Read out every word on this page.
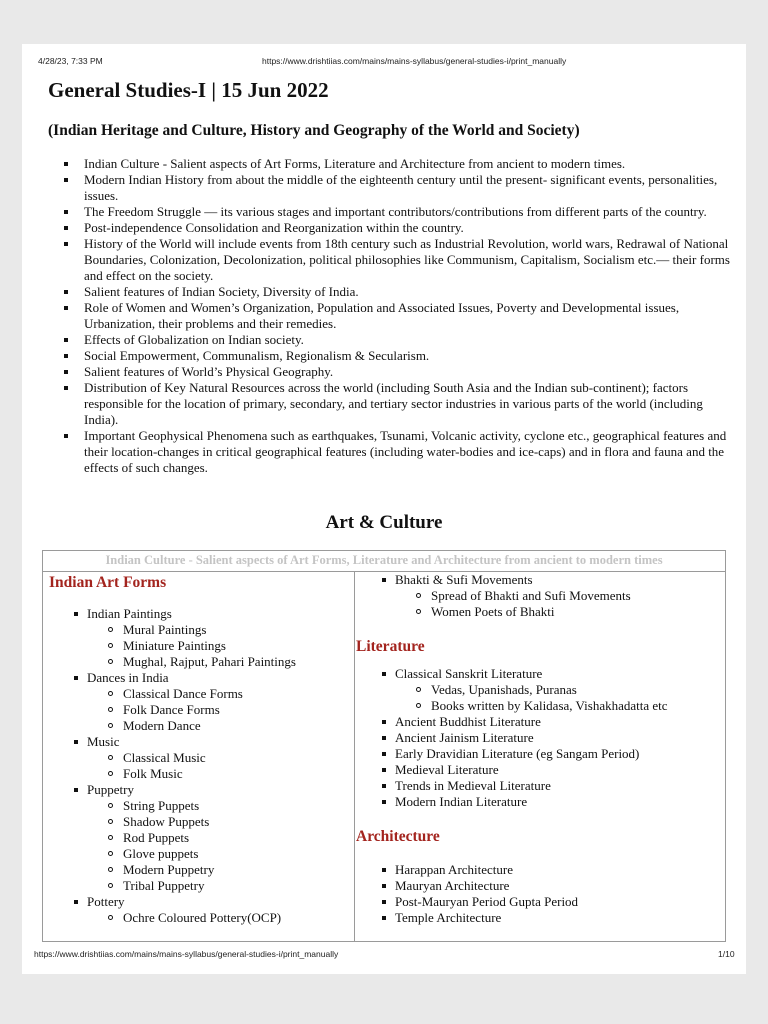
4/28/23, 7:33 PM	https://www.drishtiias.com/mains/mains-syllabus/general-studies-i/print_manually
General Studies-I | 15 Jun 2022
(Indian Heritage and Culture, History and Geography of the World and Society)
Indian Culture - Salient aspects of Art Forms, Literature and Architecture from ancient to modern times.
Modern Indian History from about the middle of the eighteenth century until the present- significant events, personalities, issues.
The Freedom Struggle — its various stages and important contributors/contributions from different parts of the country.
Post-independence Consolidation and Reorganization within the country.
History of the World will include events from 18th century such as Industrial Revolution, world wars, Redrawal of National Boundaries, Colonization, Decolonization, political philosophies like Communism, Capitalism, Socialism etc.— their forms and effect on the society.
Salient features of Indian Society, Diversity of India.
Role of Women and Women’s Organization, Population and Associated Issues, Poverty and Developmental issues, Urbanization, their problems and their remedies.
Effects of Globalization on Indian society.
Social Empowerment, Communalism, Regionalism & Secularism.
Salient features of World’s Physical Geography.
Distribution of Key Natural Resources across the world (including South Asia and the Indian sub-continent); factors responsible for the location of primary, secondary, and tertiary sector industries in various parts of the world (including India).
Important Geophysical Phenomena such as earthquakes, Tsunami, Volcanic activity, cyclone etc., geographical features and their location-changes in critical geographical features (including water-bodies and ice-caps) and in flora and fauna and the effects of such changes.
Art & Culture
Indian Culture - Salient aspects of Art Forms, Literature and Architecture from ancient to modern times
Indian Art Forms
Indian Paintings
Mural Paintings
Miniature Paintings
Mughal, Rajput, Pahari Paintings
Dances in India
Classical Dance Forms
Folk Dance Forms
Modern Dance
Music
Classical Music
Folk Music
Puppetry
String Puppets
Shadow Puppets
Rod Puppets
Glove puppets
Modern Puppetry
Tribal Puppetry
Pottery
Ochre Coloured Pottery(OCP)
Bhakti & Sufi Movements
Spread of Bhakti and Sufi Movements
Women Poets of Bhakti
Literature
Classical Sanskrit Literature
Vedas, Upanishads, Puranas
Books written by Kalidasa, Vishakhadatta etc
Ancient Buddhist Literature
Ancient Jainism Literature
Early Dravidian Literature (eg Sangam Period)
Medieval Literature
Trends in Medieval Literature
Modern Indian Literature
Architecture
Harappan Architecture
Mauryan Architecture
Post-Mauryan Period Gupta Period
Temple Architecture
https://www.drishtiias.com/mains/mains-syllabus/general-studies-i/print_manually	1/10
